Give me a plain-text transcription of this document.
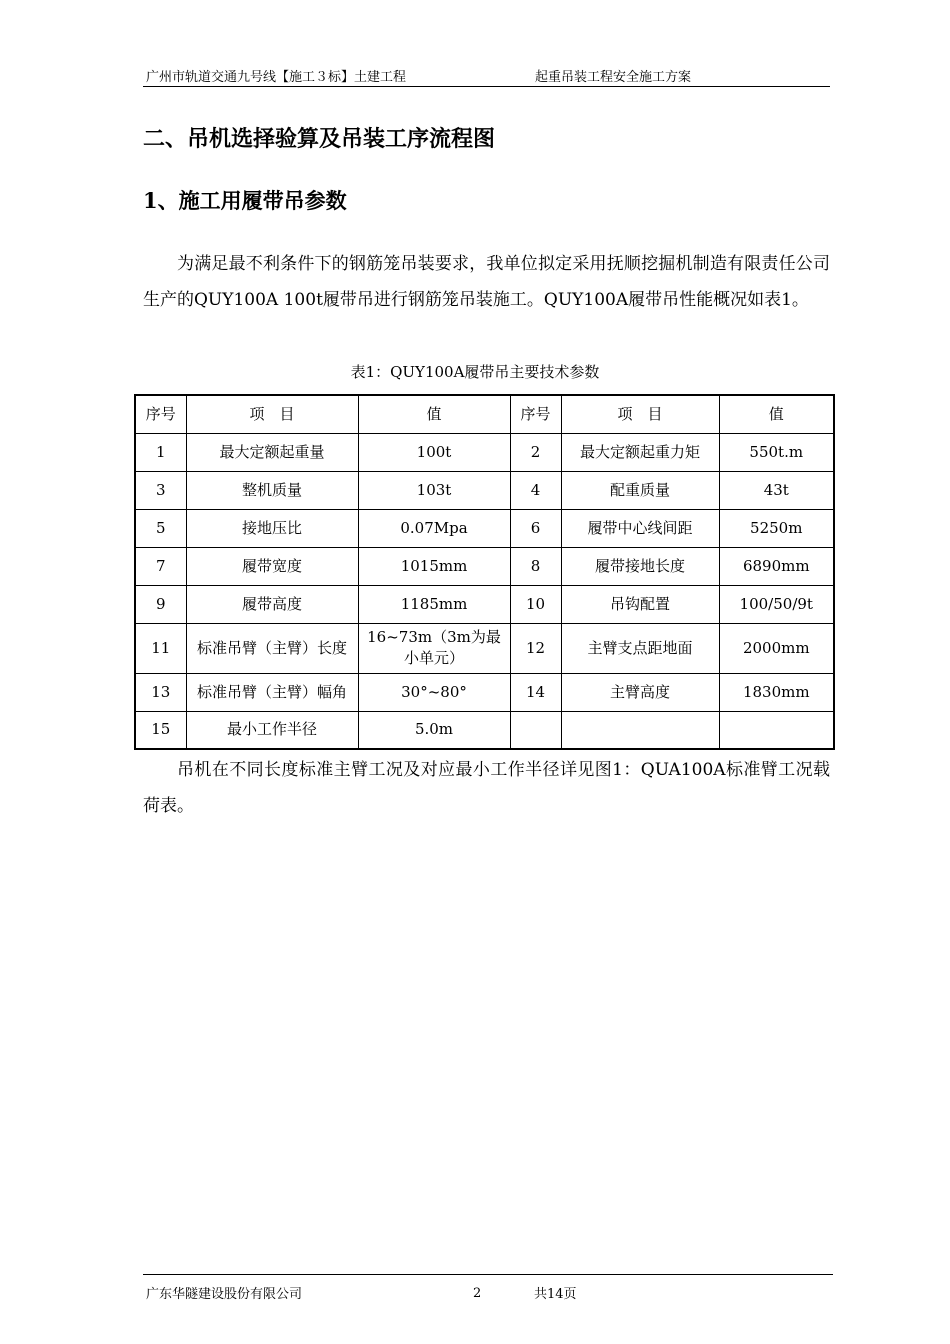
广州市轨道交通九号线【施工３标】土建工程	起重吊装工程安全施工方案
二、吊机选择验算及吊装工序流程图
1、施工用履带吊参数

为满足最不利条件下的钢筋笼吊装要求，我单位拟定采用抚顺挖掘机制造有限责任公司生产的QUY100A 100t履带吊进行钢筋笼吊装施工。QUY100A履带吊性能概况如表1。

表1：QUY100A履带吊主要技术参数
序号	项　目	值	序号	项　目	值
1	最大定额起重量	100t	2	最大定额起重力矩	550t.m
3	整机质量	103t	4	配重质量	43t
5	接地压比	0.07Mpa	6	履带中心线间距	5250m
7	履带宽度	1015mm	8	履带接地长度	6890mm
9	履带高度	1185mm	10	吊钩配置	100/50/9t
11	标准吊臂（主臂）长度	16~73m（3m为最小单元）	12	主臂支点距地面	2000mm
13	标准吊臂（主臂）幅角	30°~80°	14	主臂高度	1830mm
15	最小工作半径	5.0m			

吊机在不同长度标准主臂工况及对应最小工作半径详见图1：QUA100A标准臂工况载荷表。

广东华隧建设股份有限公司	2	共14页
